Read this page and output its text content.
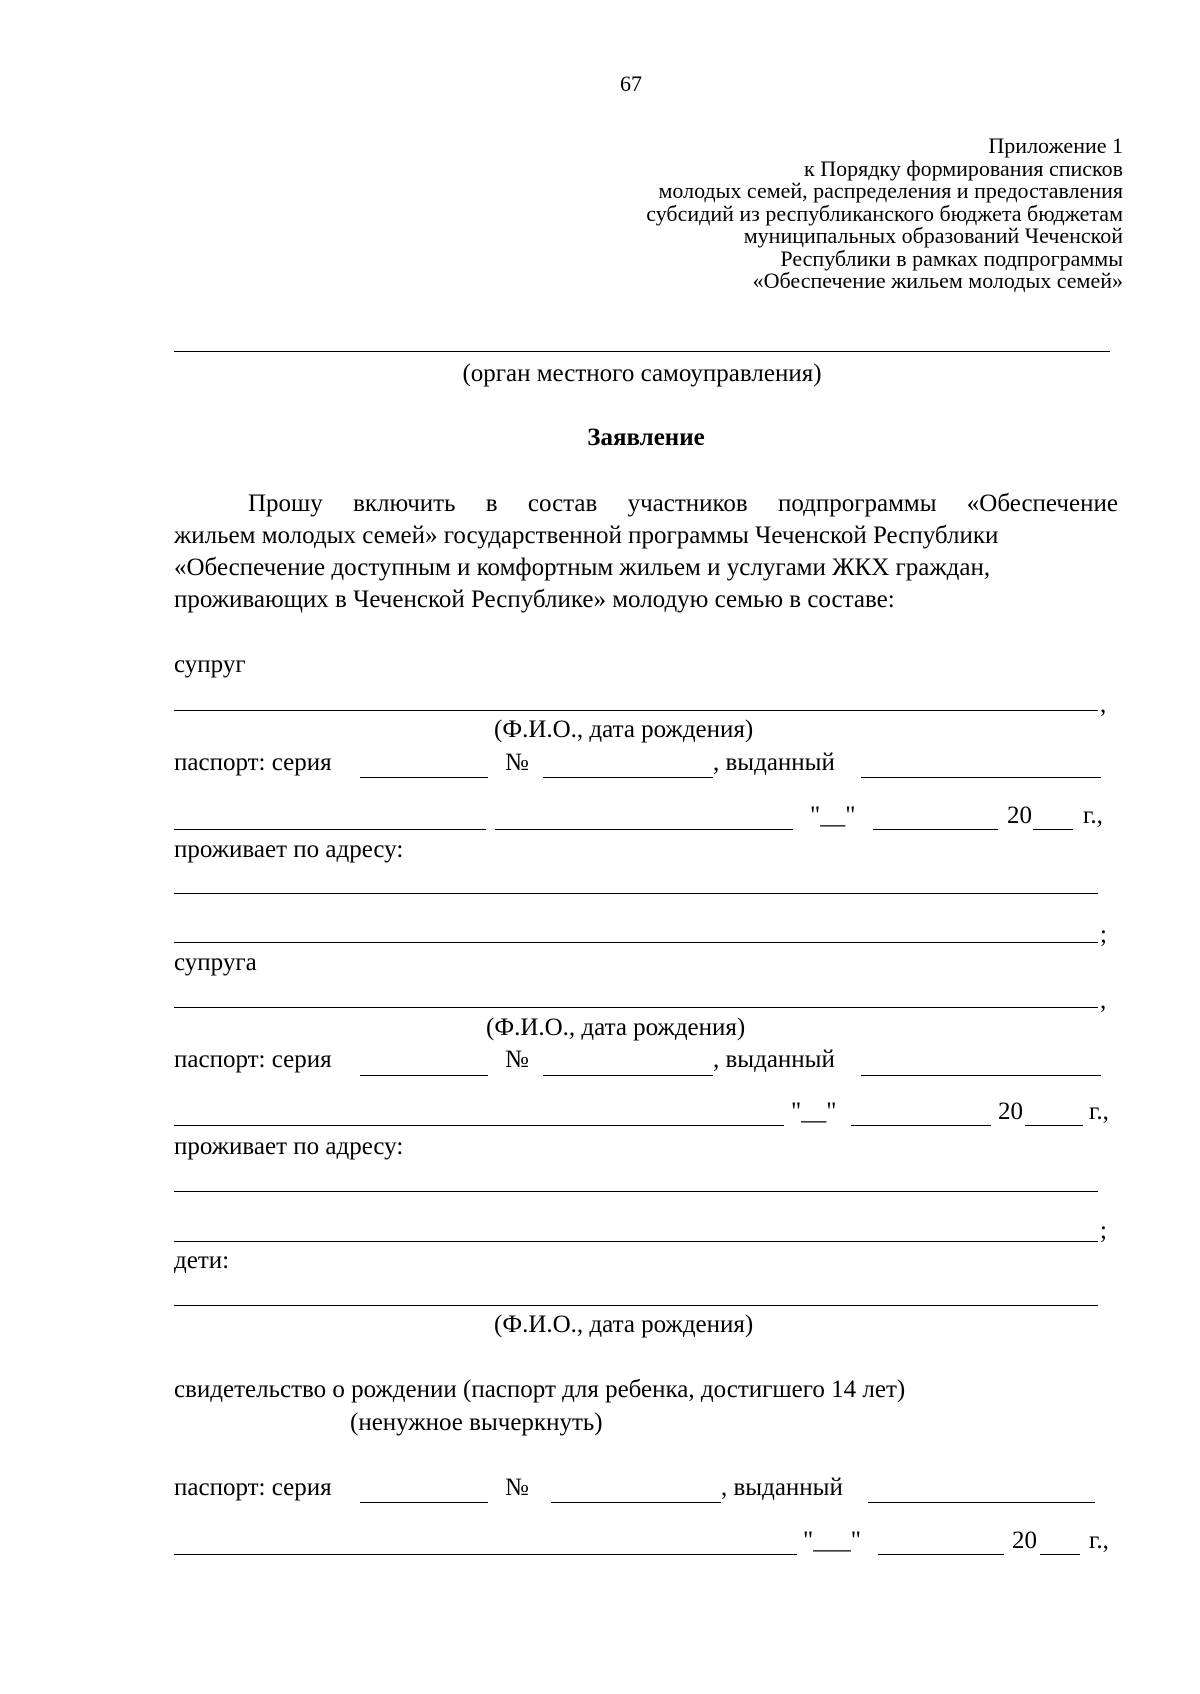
67
Приложение 1
к Порядку формирования списков
молодых семей, распределения и предоставления
субсидий из республиканского бюджета бюджетам
муниципальных образований Чеченской
Республики в рамках подпрограммы
«Обеспечение жильем молодых семей»
(орган местного самоуправления)
Заявление
Прошу включить в состав участников подпрограммы «Обеспечение
жильем молодых семей» государственной программы Чеченской Республики
«Обеспечение доступным и комфортным жильем и услугами ЖКХ граждан,
проживающих в Чеченской Республике» молодую семью в составе:
супруг
,
(Ф.И.О., дата рождения)
паспорт: серия	№	, выданный
"__"	20 г.,
проживает по адресу:
;
супруга
,
(Ф.И.О., дата рождения)
паспорт: серия	№	, выданный
"__"	20	г.,
проживает по адресу:
;
дети:
(Ф.И.О., дата рождения)
свидетельство о рождении (паспорт для ребенка, достигшего 14 лет)
(ненужное вычеркнуть)
паспорт: серия	№	, выданный
"___"	20 г.,
